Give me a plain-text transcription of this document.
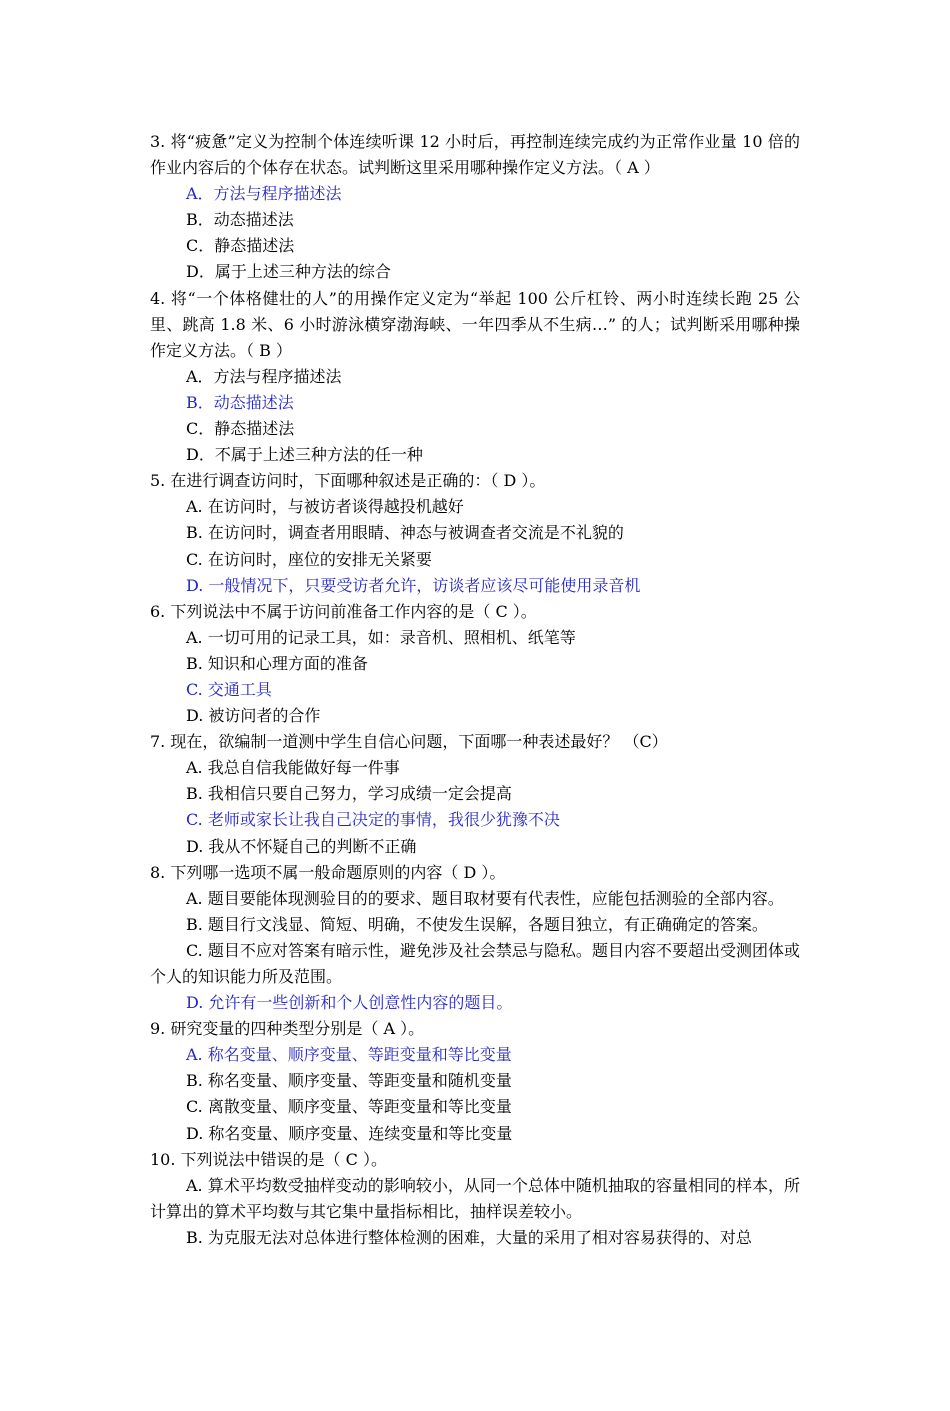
3. 将“疲惫”定义为控制个体连续听课 12 小时后，再控制连续完成约为正常作业量 10 倍的作业内容后的个体存在状态。试判断这里采用哪种操作定义方法。（ A ）

A．方法与程序描述法

B．动态描述法

C．静态描述法

D．属于上述三种方法的综合

4. 将“一个体格健壮的人”的用操作定义定为“举起 100 公斤杠铃、两小时连续长跑 25 公里、跳高 1.8 米、6 小时游泳横穿渤海峡、一年四季从不生病…” 的人；试判断采用哪种操作定义方法。（ B ）

A．方法与程序描述法

B．动态描述法

C．静态描述法

D．不属于上述三种方法的任一种

5. 在进行调查访问时，下面哪种叙述是正确的：（ D ）。

A. 在访问时，与被访者谈得越投机越好

B. 在访问时，调查者用眼睛、神态与被调查者交流是不礼貌的

C. 在访问时，座位的安排无关紧要

D. 一般情况下，只要受访者允许，访谈者应该尽可能使用录音机

6. 下列说法中不属于访问前准备工作内容的是（ C ）。

A. 一切可用的记录工具，如：录音机、照相机、纸笔等

B. 知识和心理方面的准备

C. 交通工具

D. 被访问者的合作

7. 现在，欲编制一道测中学生自信心问题，下面哪一种表述最好？ （C）

A. 我总自信我能做好每一件事

B. 我相信只要自己努力，学习成绩一定会提高

C. 老师或家长让我自己决定的事情，我很少犹豫不决

D. 我从不怀疑自己的判断不正确

8. 下列哪一选项不属一般命题原则的内容（ D ）。

A. 题目要能体现测验目的的要求、题目取材要有代表性，应能包括测验的全部内容。

B. 题目行文浅显、简短、明确，不使发生误解，各题目独立，有正确确定的答案。

C. 题目不应对答案有暗示性，避免涉及社会禁忌与隐私。题目内容不要超出受测团体或个人的知识能力所及范围。

D. 允许有一些创新和个人创意性内容的题目。

9. 研究变量的四种类型分别是（ A ）。

A. 称名变量、顺序变量、等距变量和等比变量

B. 称名变量、顺序变量、等距变量和随机变量

C. 离散变量、顺序变量、等距变量和等比变量

D. 称名变量、顺序变量、连续变量和等比变量

10. 下列说法中错误的是（ C ）。

A. 算术平均数受抽样变动的影响较小，从同一个总体中随机抽取的容量相同的样本，所计算出的算术平均数与其它集中量指标相比，抽样误差较小。

B. 为克服无法对总体进行整体检测的困难，大量的采用了相对容易获得的、对总
